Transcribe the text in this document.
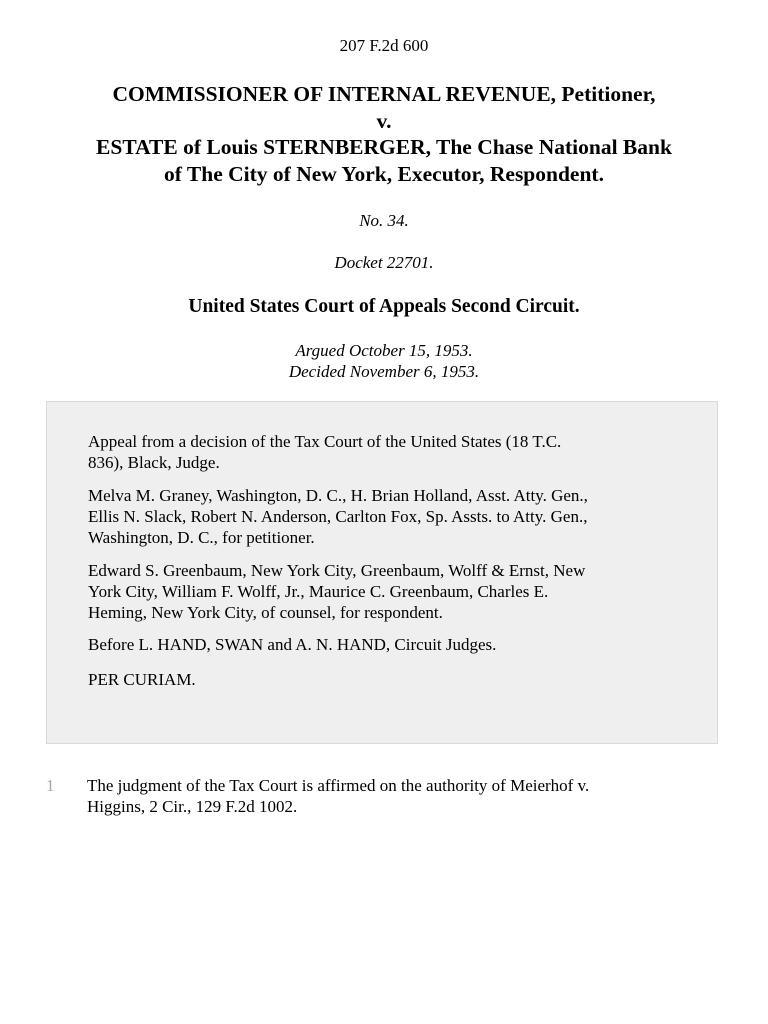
207 F.2d 600
COMMISSIONER OF INTERNAL REVENUE, Petitioner,
v.
ESTATE of Louis STERNBERGER, The Chase National Bank
of The City of New York, Executor, Respondent.
No. 34.
Docket 22701.
United States Court of Appeals Second Circuit.
Argued October 15, 1953.
Decided November 6, 1953.

Appeal from a decision of the Tax Court of the United States (18 T.C.
836), Black, Judge.

Melva M. Graney, Washington, D. C., H. Brian Holland, Asst. Atty. Gen.,
Ellis N. Slack, Robert N. Anderson, Carlton Fox, Sp. Assts. to Atty. Gen.,
Washington, D. C., for petitioner.

Edward S. Greenbaum, New York City, Greenbaum, Wolff & Ernst, New
York City, William F. Wolff, Jr., Maurice C. Greenbaum, Charles E.
Heming, New York City, of counsel, for respondent.

Before L. HAND, SWAN and A. N. HAND, Circuit Judges.

PER CURIAM.

1	The judgment of the Tax Court is affirmed on the authority of Meierhof v.
Higgins, 2 Cir., 129 F.2d 1002.
